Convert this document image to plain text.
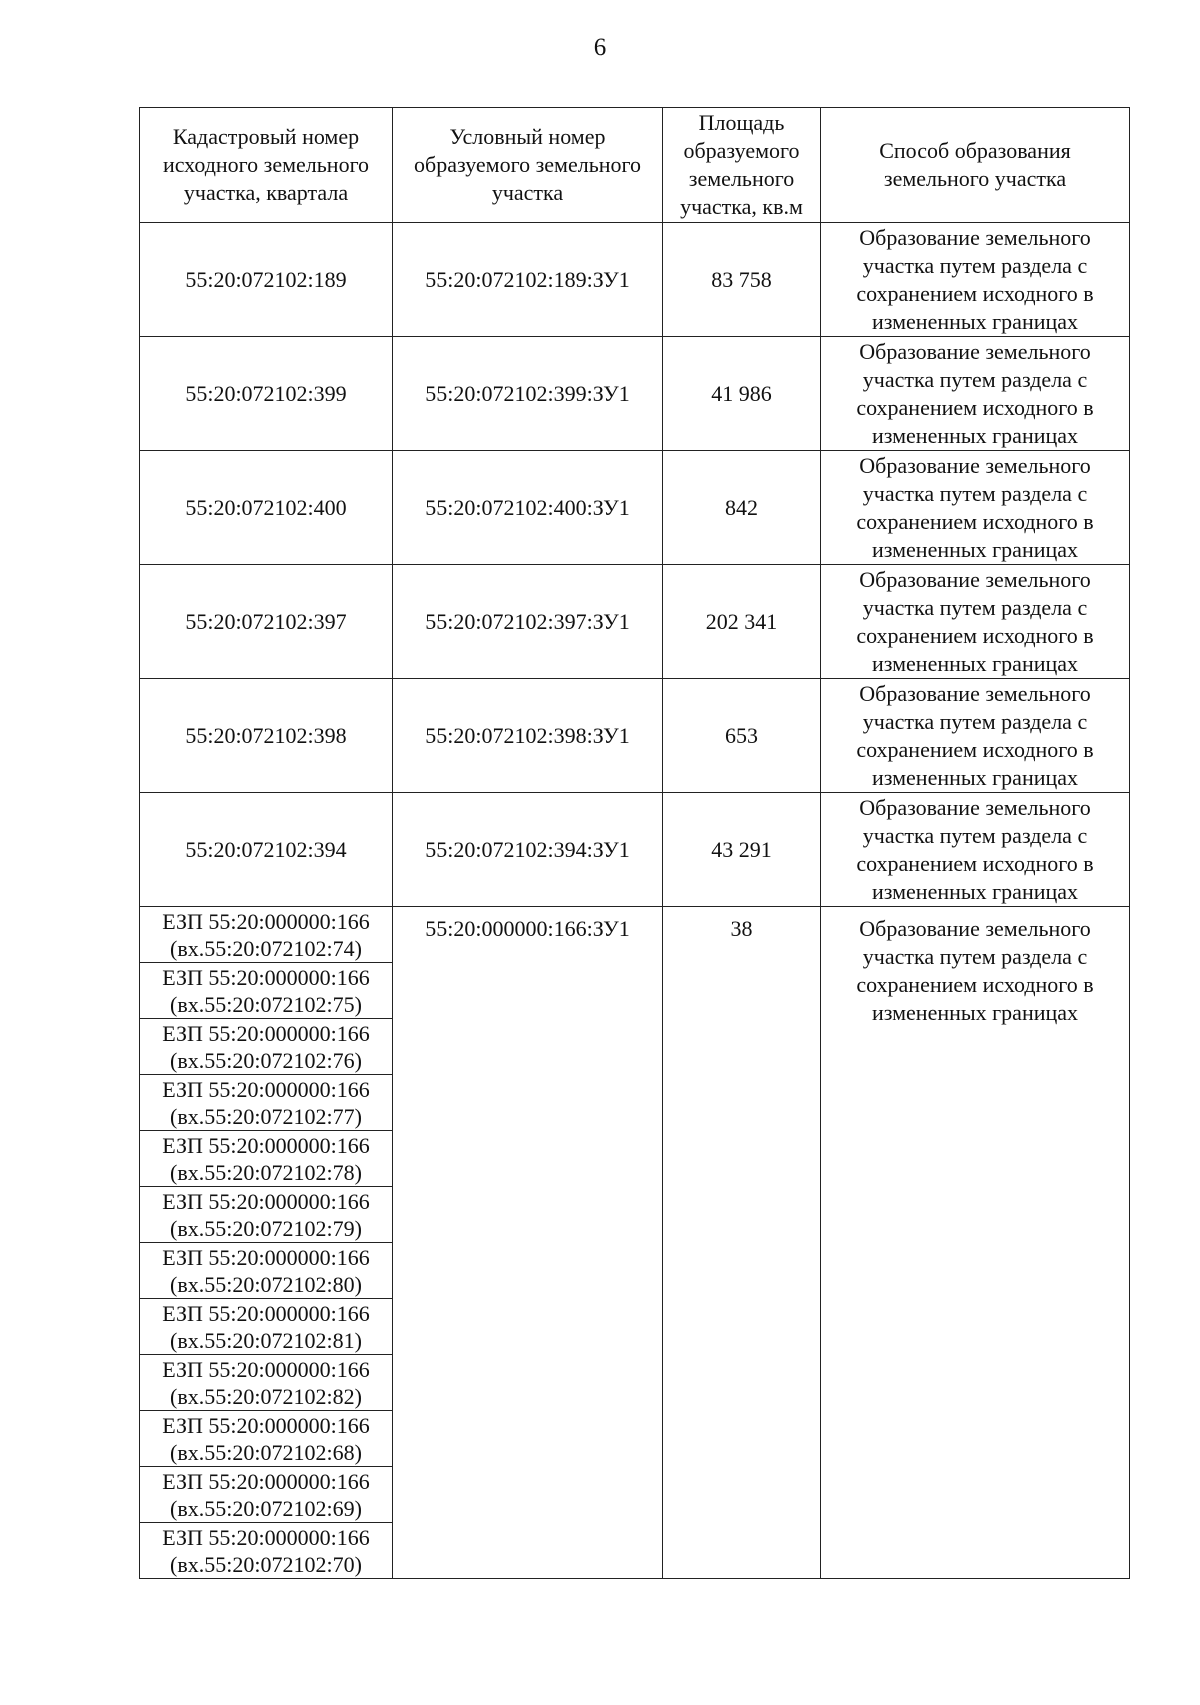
6
Кадастровый номер исходного земельного участка, квартала	Условный номер образуемого земельного участка	Площадь образуемого земельного участка, кв.м	Способ образования земельного участка
55:20:072102:189	55:20:072102:189:ЗУ1	83 758	Образование земельного участка путем раздела с сохранением исходного в измененных границах
55:20:072102:399	55:20:072102:399:ЗУ1	41 986	Образование земельного участка путем раздела с сохранением исходного в измененных границах
55:20:072102:400	55:20:072102:400:ЗУ1	842	Образование земельного участка путем раздела с сохранением исходного в измененных границах
55:20:072102:397	55:20:072102:397:ЗУ1	202 341	Образование земельного участка путем раздела с сохранением исходного в измененных границах
55:20:072102:398	55:20:072102:398:ЗУ1	653	Образование земельного участка путем раздела с сохранением исходного в измененных границах
55:20:072102:394	55:20:072102:394:ЗУ1	43 291	Образование земельного участка путем раздела с сохранением исходного в измененных границах
ЕЗП 55:20:000000:166
(вх.55:20:072102:74)	55:20:000000:166:ЗУ1	38	Образование земельного участка путем раздела с сохранением исходного в измененных границах
ЕЗП 55:20:000000:166
(вх.55:20:072102:75)			
ЕЗП 55:20:000000:166
(вх.55:20:072102:76)			
ЕЗП 55:20:000000:166
(вх.55:20:072102:77)			
ЕЗП 55:20:000000:166
(вх.55:20:072102:78)			
ЕЗП 55:20:000000:166
(вх.55:20:072102:79)			
ЕЗП 55:20:000000:166
(вх.55:20:072102:80)			
ЕЗП 55:20:000000:166
(вх.55:20:072102:81)			
ЕЗП 55:20:000000:166
(вх.55:20:072102:82)			
ЕЗП 55:20:000000:166
(вх.55:20:072102:68)			
ЕЗП 55:20:000000:166
(вх.55:20:072102:69)			
ЕЗП 55:20:000000:166
(вх.55:20:072102:70)			
